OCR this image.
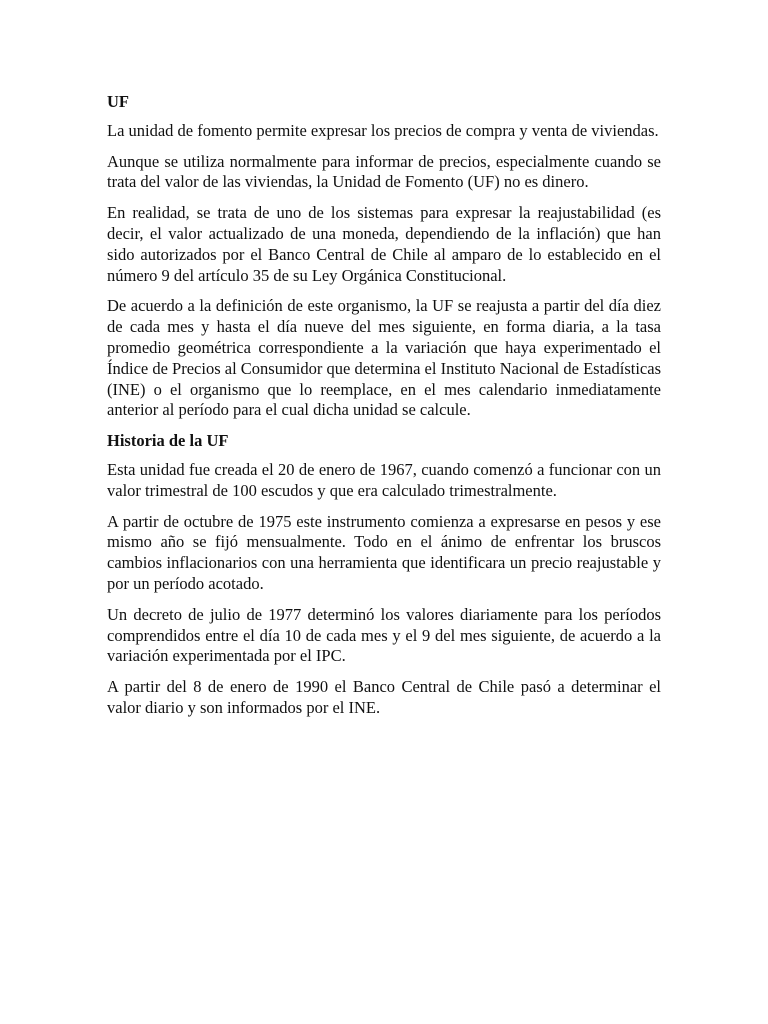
UF

La unidad de fomento permite expresar los precios de compra y venta de viviendas.

Aunque se utiliza normalmente para informar de precios, especialmente cuando se trata del valor de las viviendas, la Unidad de Fomento (UF) no es dinero.

En realidad, se trata de uno de los sistemas para expresar la reajustabilidad (es decir, el valor actualizado de una moneda, dependiendo de la inflación) que han sido autorizados por el Banco Central de Chile al amparo de lo establecido en el número 9 del artículo 35 de su Ley Orgánica Constitucional.

De acuerdo a la definición de este organismo, la UF se reajusta a partir del día diez de cada mes y hasta el día nueve del mes siguiente, en forma diaria, a la tasa promedio geométrica correspondiente a la variación que haya experimentado el Índice de Precios al Consumidor que determina el Instituto Nacional de Estadísticas (INE) o el organismo que lo reemplace, en el mes calendario inmediatamente anterior al período para el cual dicha unidad se calcule.

Historia de la UF

Esta unidad fue creada el 20 de enero de 1967, cuando comenzó a funcionar con un valor trimestral de 100 escudos y que era calculado trimestralmente.

A partir de octubre de 1975 este instrumento comienza a expresarse en pesos y ese mismo año se fijó mensualmente. Todo en el ánimo de enfrentar los bruscos cambios inflacionarios con una herramienta que identificara un precio reajustable y por un período acotado.

Un decreto de julio de 1977 determinó los valores diariamente para los períodos comprendidos entre el día 10 de cada mes y el 9 del mes siguiente, de acuerdo a la variación experimentada por el IPC.

A partir del 8 de enero de 1990 el Banco Central de Chile pasó a determinar el valor diario y son informados por el INE.
